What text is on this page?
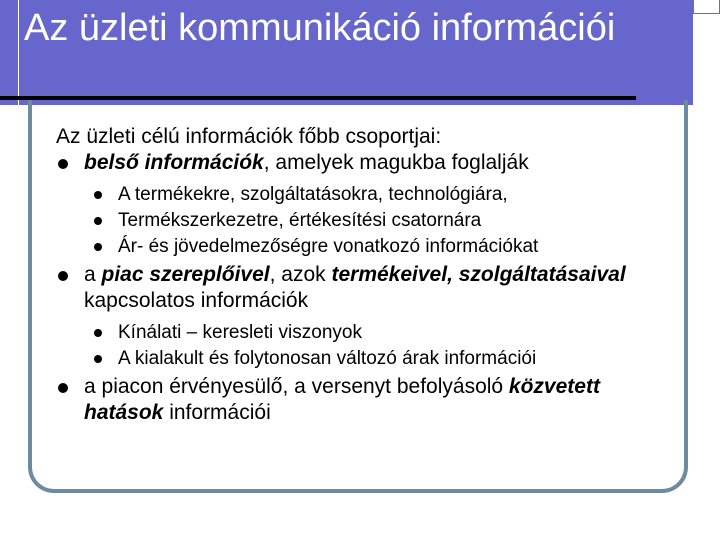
Az üzleti kommunikáció információi

Az üzleti célú információk főbb csoportjai:

belső információk, amelyek magukba foglalják

A termékekre, szolgáltatásokra, technológiára,

Termékszerkezetre, értékesítési csatornára

Ár- és jövedelmezőségre vonatkozó információkat

a piac szereplőivel, azok termékeivel, szolgáltatásaival kapcsolatos információk

Kínálati – keresleti viszonyok

A kialakult és folytonosan változó árak információi

a piacon érvényesülő, a versenyt befolyásoló közvetett hatások információi
